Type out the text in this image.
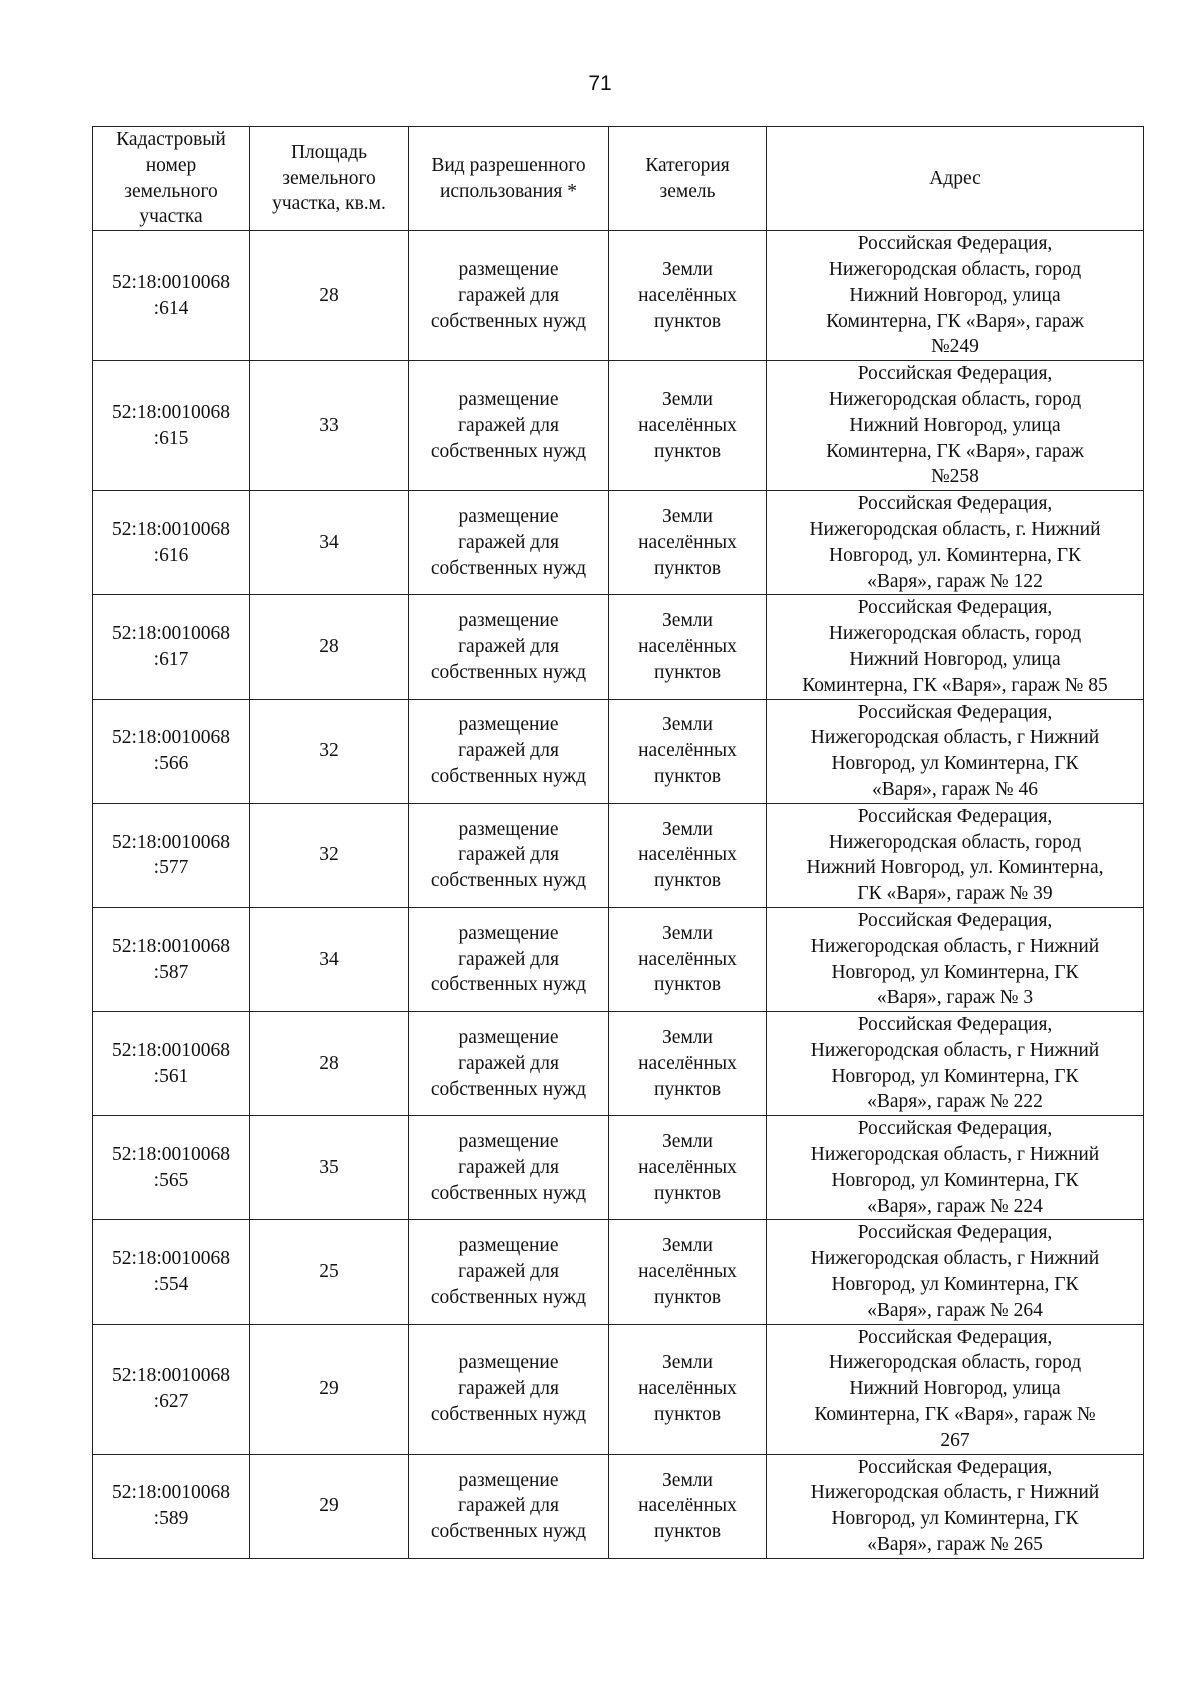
71
Кадастровый
номер
земельного
участка	Площадь
земельного
участка, кв.м.	Вид разрешенного
использования *	Категория
земель	Адрес

52:18:0010068
:614	28	размещение
гаражей для
собственных нужд	Земли
населённых
пунктов	Российская Федерация,
Нижегородская область, город
Нижний Новгород, улица
Коминтерна, ГК «Варя», гараж
№249

52:18:0010068
:615	33	размещение
гаражей для
собственных нужд	Земли
населённых
пунктов	Российская Федерация,
Нижегородская область, город
Нижний Новгород, улица
Коминтерна, ГК «Варя», гараж
№258

52:18:0010068
:616	34	размещение
гаражей для
собственных нужд	Земли
населённых
пунктов	Российская Федерация,
Нижегородская область, г. Нижний
Новгород, ул. Коминтерна, ГК
«Варя», гараж № 122

52:18:0010068
:617	28	размещение
гаражей для
собственных нужд	Земли
населённых
пунктов	Российская Федерация,
Нижегородская область, город
Нижний Новгород, улица
Коминтерна, ГК «Варя», гараж № 85

52:18:0010068
:566	32	размещение
гаражей для
собственных нужд	Земли
населённых
пунктов	Российская Федерация,
Нижегородская область, г Нижний
Новгород, ул Коминтерна, ГК
«Варя», гараж № 46

52:18:0010068
:577	32	размещение
гаражей для
собственных нужд	Земли
населённых
пунктов	Российская Федерация,
Нижегородская область, город
Нижний Новгород, ул. Коминтерна,
ГК «Варя», гараж № 39

52:18:0010068
:587	34	размещение
гаражей для
собственных нужд	Земли
населённых
пунктов	Российская Федерация,
Нижегородская область, г Нижний
Новгород, ул Коминтерна, ГК
«Варя», гараж № 3

52:18:0010068
:561	28	размещение
гаражей для
собственных нужд	Земли
населённых
пунктов	Российская Федерация,
Нижегородская область, г Нижний
Новгород, ул Коминтерна, ГК
«Варя», гараж № 222

52:18:0010068
:565	35	размещение
гаражей для
собственных нужд	Земли
населённых
пунктов	Российская Федерация,
Нижегородская область, г Нижний
Новгород, ул Коминтерна, ГК
«Варя», гараж № 224

52:18:0010068
:554	25	размещение
гаражей для
собственных нужд	Земли
населённых
пунктов	Российская Федерация,
Нижегородская область, г Нижний
Новгород, ул Коминтерна, ГК
«Варя», гараж № 264

52:18:0010068
:627	29	размещение
гаражей для
собственных нужд	Земли
населённых
пунктов	Российская Федерация,
Нижегородская область, город
Нижний Новгород, улица
Коминтерна, ГК «Варя», гараж №
267

52:18:0010068
:589	29	размещение
гаражей для
собственных нужд	Земли
населённых
пунктов	Российская Федерация,
Нижегородская область, г Нижний
Новгород, ул Коминтерна, ГК
«Варя», гараж № 265
